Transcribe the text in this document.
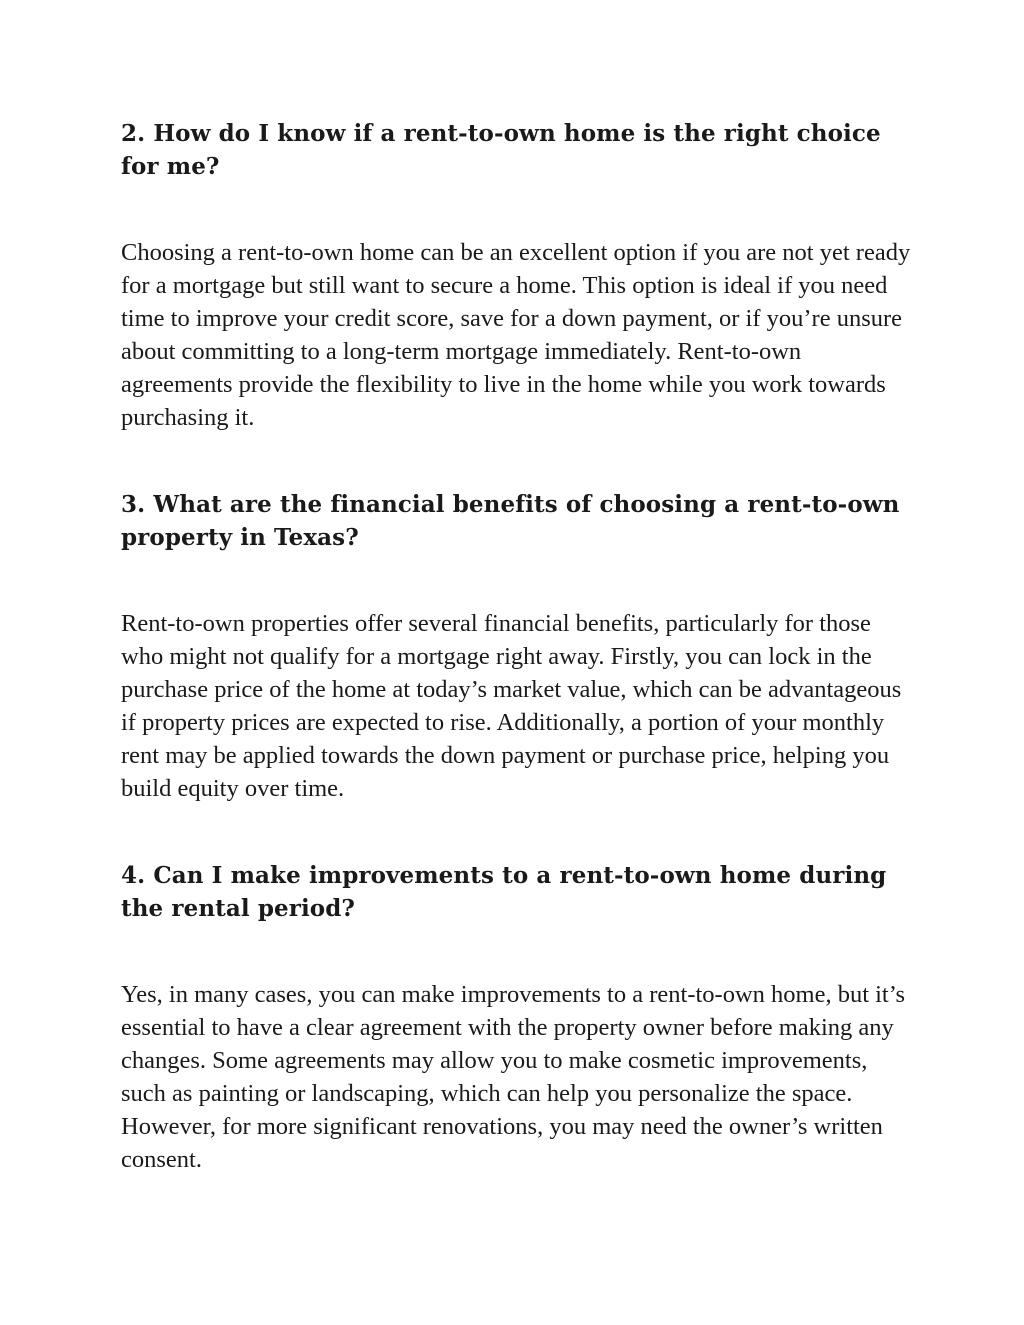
2. How do I know if a rent-to-own home is the right choice for me?

Choosing a rent-to-own home can be an excellent option if you are not yet ready for a mortgage but still want to secure a home. This option is ideal if you need time to improve your credit score, save for a down payment, or if you’re unsure about committing to a long-term mortgage immediately. Rent-to-own agreements provide the flexibility to live in the home while you work towards purchasing it.

3. What are the financial benefits of choosing a rent-to-own property in Texas?

Rent-to-own properties offer several financial benefits, particularly for those who might not qualify for a mortgage right away. Firstly, you can lock in the purchase price of the home at today’s market value, which can be advantageous if property prices are expected to rise. Additionally, a portion of your monthly rent may be applied towards the down payment or purchase price, helping you build equity over time.

4. Can I make improvements to a rent-to-own home during the rental period?

Yes, in many cases, you can make improvements to a rent-to-own home, but it’s essential to have a clear agreement with the property owner before making any changes. Some agreements may allow you to make cosmetic improvements, such as painting or landscaping, which can help you personalize the space. However, for more significant renovations, you may need the owner’s written consent.
